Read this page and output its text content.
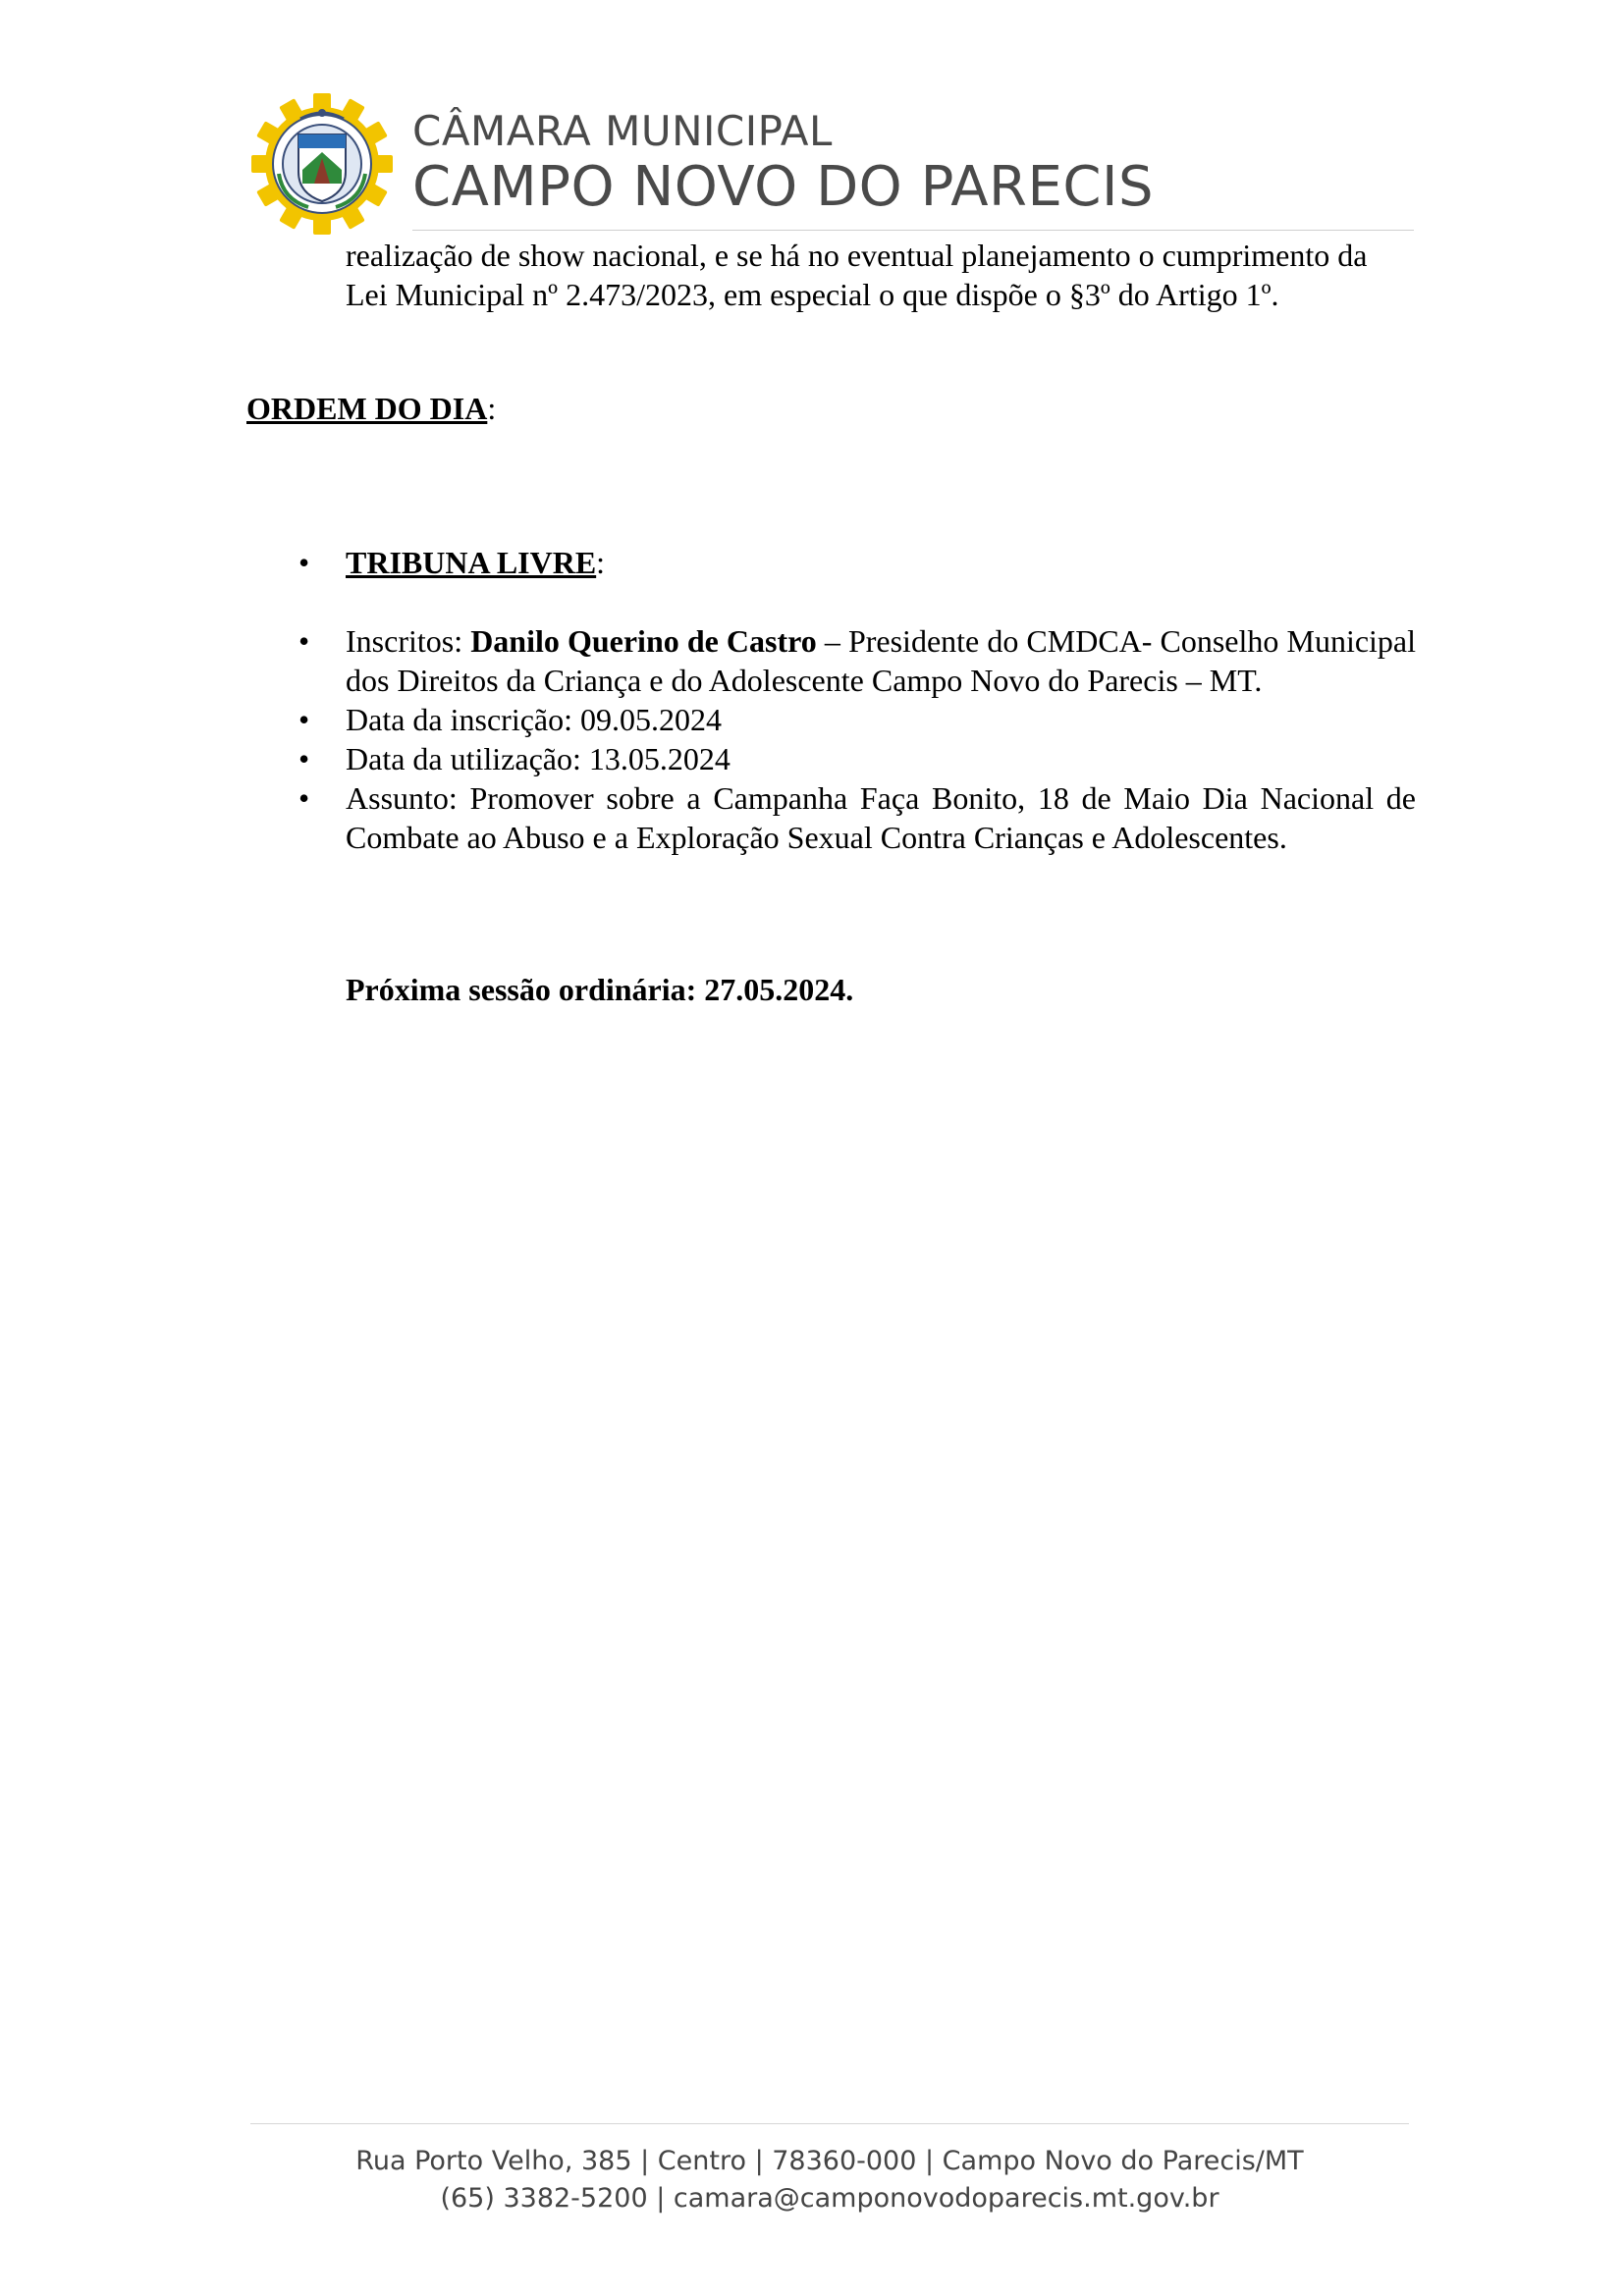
CÂMARA MUNICIPAL
CAMPO NOVO DO PARECIS
realização de show nacional, e se há no eventual planejamento o cumprimento da Lei Municipal nº 2.473/2023, em especial o que dispõe o §3º do Artigo 1º.
ORDEM DO DIA:
• TRIBUNA LIVRE:
• Inscritos: Danilo Querino de Castro – Presidente do CMDCA- Conselho Municipal dos Direitos da Criança e do Adolescente Campo Novo do Parecis – MT.
• Data da inscrição: 09.05.2024
• Data da utilização: 13.05.2024
• Assunto: Promover sobre a Campanha Faça Bonito, 18 de Maio Dia Nacional de Combate ao Abuso e a Exploração Sexual Contra Crianças e Adolescentes.
Próxima sessão ordinária: 27.05.2024.
Rua Porto Velho, 385 | Centro | 78360-000 | Campo Novo do Parecis/MT
(65) 3382-5200 | camara@camponovodoparecis.mt.gov.br
